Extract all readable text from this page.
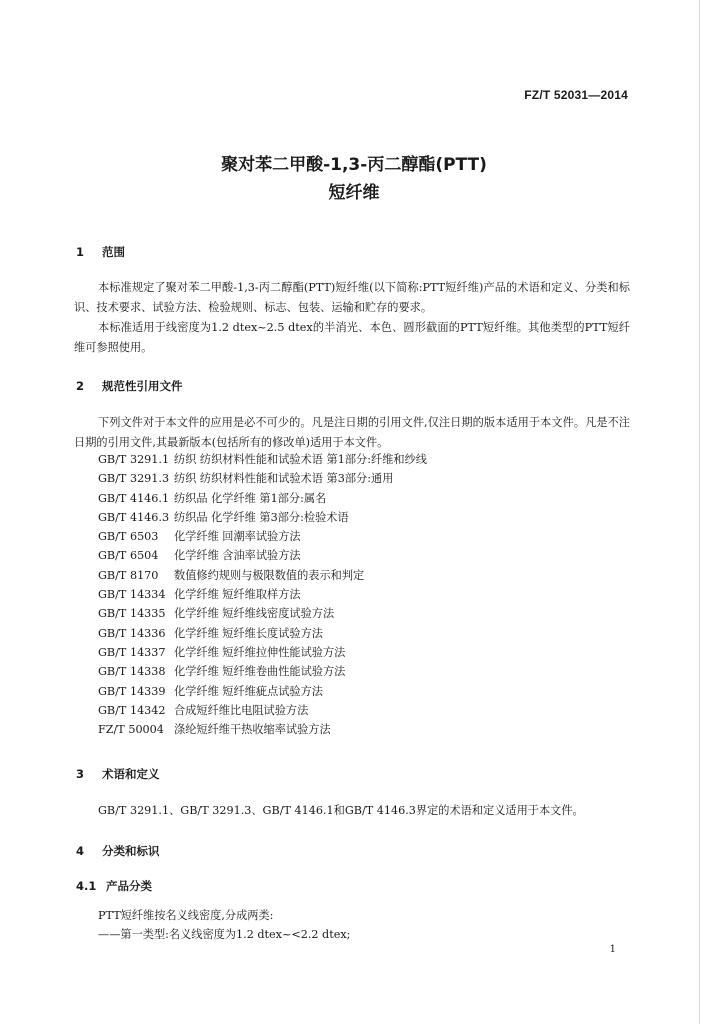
FZ/T 52031—2014
聚对苯二甲酸-1,3-丙二醇酯(PTT)
短纤维
1 范围
本标准规定了聚对苯二甲酸-1,3-丙二醇酯(PTT)短纤维(以下简称:PTT短纤维)产品的术语和定义、分类和标识、技术要求、试验方法、检验规则、标志、包装、运输和贮存的要求。
本标准适用于线密度为1.2 dtex~2.5 dtex的半消光、本色、圆形截面的PTT短纤维。其他类型的PTT短纤维可参照使用。
2 规范性引用文件
下列文件对于本文件的应用是必不可少的。凡是注日期的引用文件,仅注日期的版本适用于本文件。凡是不注日期的引用文件,其最新版本(包括所有的修改单)适用于本文件。
GB/T 3291.1 纺织 纺织材料性能和试验术语 第1部分:纤维和纱线
GB/T 3291.3 纺织 纺织材料性能和试验术语 第3部分:通用
GB/T 4146.1 纺织品 化学纤维 第1部分:属名
GB/T 4146.3 纺织品 化学纤维 第3部分:检验术语
GB/T 6503 化学纤维 回潮率试验方法
GB/T 6504 化学纤维 含油率试验方法
GB/T 8170 数值修约规则与极限数值的表示和判定
GB/T 14334 化学纤维 短纤维取样方法
GB/T 14335 化学纤维 短纤维线密度试验方法
GB/T 14336 化学纤维 短纤维长度试验方法
GB/T 14337 化学纤维 短纤维拉伸性能试验方法
GB/T 14338 化学纤维 短纤维卷曲性能试验方法
GB/T 14339 化学纤维 短纤维疵点试验方法
GB/T 14342 合成短纤维比电阻试验方法
FZ/T 50004 涤纶短纤维干热收缩率试验方法
3 术语和定义
GB/T 3291.1、GB/T 3291.3、GB/T 4146.1和GB/T 4146.3界定的术语和定义适用于本文件。
4 分类和标识
4.1 产品分类
PTT短纤维按名义线密度,分成两类:
——第一类型:名义线密度为1.2 dtex~<2.2 dtex;
1
